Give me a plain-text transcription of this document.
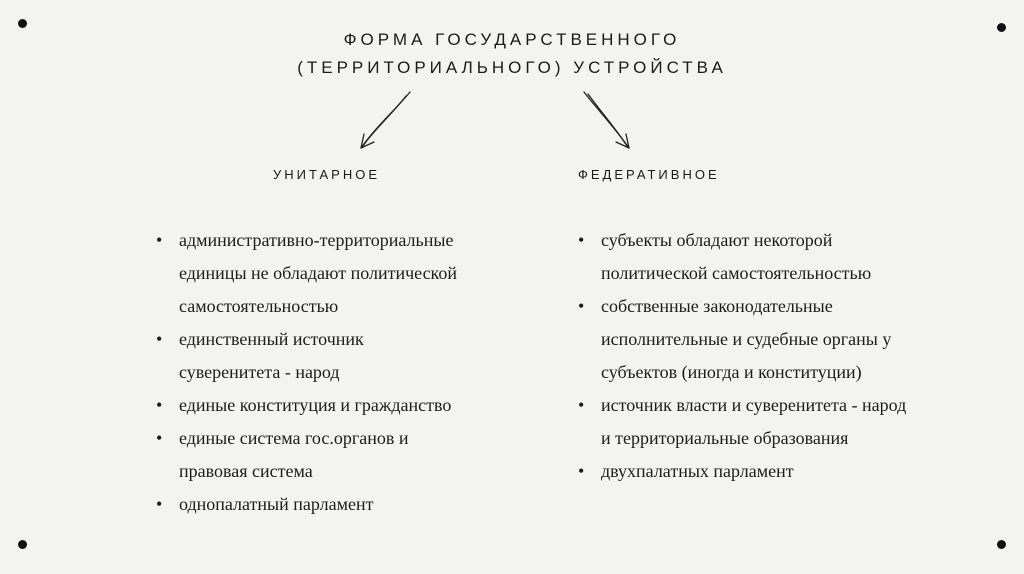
ФОРМА ГОСУДАРСТВЕННОГО
(ТЕРРИТОРИАЛЬНОГО) УСТРОЙСТВА
УНИТАРНОЕ	ФЕДЕРАТИВНОЕ
• административно-территориальные
единицы не обладают политической
самостоятельностью
• единственный источник
суверенитета - народ
• единые конституция и гражданство
• единые система гос.органов и
правовая система
• однопалатный парламент
• субъекты обладают некоторой
политической самостоятельностью
• собственные законодательные
исполнительные и судебные органы у
субъектов (иногда и конституции)
• источник власти и суверенитета - народ
и территориальные образования
• двухпалатных парламент
